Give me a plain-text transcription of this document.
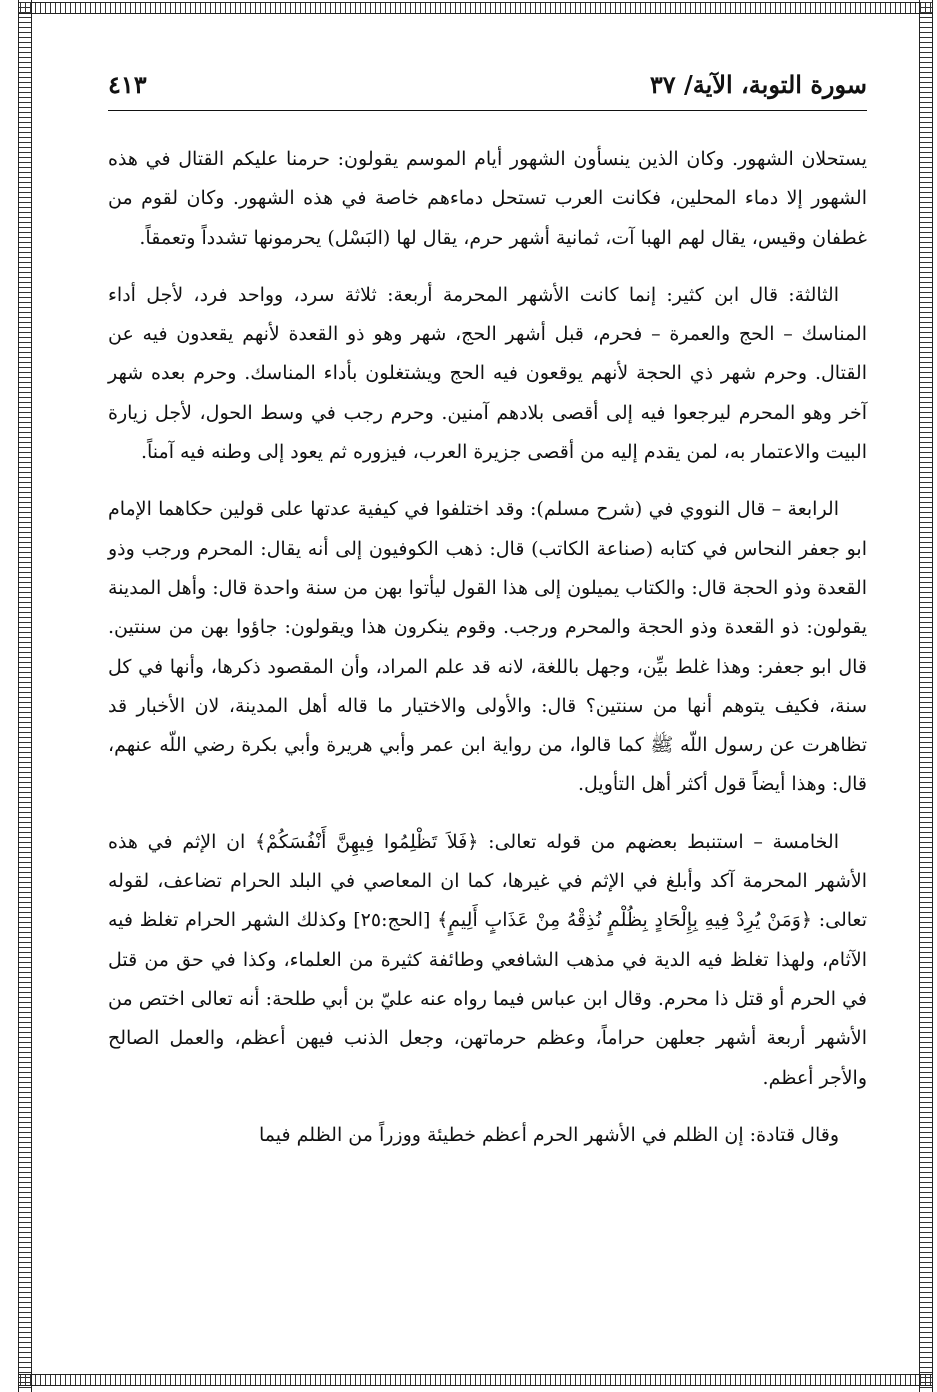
سورة التوبة، الآية/ ٣٧
٤١٣

يستحلان الشهور. وكان الذين ينسأون الشهور أيام الموسم يقولون: حرمنا عليكم القتال في هذه الشهور إلا دماء المحلين، فكانت العرب تستحل دماءهم خاصة في هذه الشهور. وكان لقوم من غطفان وقيس، يقال لهم الهبا آت، ثمانية أشهر حرم، يقال لها (البَسْل) يحرمونها تشدداً وتعمقاً.

الثالثة: قال ابن كثير: إنما كانت الأشهر المحرمة أربعة: ثلاثة سرد، وواحد فرد، لأجل أداء المناسك – الحج والعمرة – فحرم، قبل أشهر الحج، شهر وهو ذو القعدة لأنهم يقعدون فيه عن القتال. وحرم شهر ذي الحجة لأنهم يوقعون فيه الحج ويشتغلون بأداء المناسك. وحرم بعده شهر آخر وهو المحرم ليرجعوا فيه إلى أقصى بلادهم آمنين. وحرم رجب في وسط الحول، لأجل زيارة البيت والاعتمار به، لمن يقدم إليه من أقصى جزيرة العرب، فيزوره ثم يعود إلى وطنه فيه آمناً.

الرابعة – قال النووي في (شرح مسلم): وقد اختلفوا في كيفية عدتها على قولين حكاهما الإمام ابو جعفر النحاس في كتابه (صناعة الكاتب) قال: ذهب الكوفيون إلى أنه يقال: المحرم ورجب وذو القعدة وذو الحجة قال: والكتاب يميلون إلى هذا القول ليأتوا بهن من سنة واحدة قال: وأهل المدينة يقولون: ذو القعدة وذو الحجة والمحرم ورجب. وقوم ينكرون هذا ويقولون: جاؤوا بهن من سنتين. قال ابو جعفر: وهذا غلط بيِّن، وجهل باللغة، لانه قد علم المراد، وأن المقصود ذكرها، وأنها في كل سنة، فكيف يتوهم أنها من سنتين؟ قال: والأولى والاختيار ما قاله أهل المدينة، لان الأخبار قد تظاهرت عن رسول اللّه ﷺ كما قالوا، من رواية ابن عمر وأبي هريرة وأبي بكرة رضي اللّه عنهم، قال: وهذا أيضاً قول أكثر أهل التأويل.

الخامسة – استنبط بعضهم من قوله تعالى: ﴿فَلاَ تَظْلِمُوا فِيهِنَّ أَنْفُسَكُمْ﴾ ان الإثم في هذه الأشهر المحرمة آكد وأبلغ في الإثم في غيرها، كما ان المعاصي في البلد الحرام تضاعف، لقوله تعالى: ﴿وَمَنْ يُرِدْ فِيهِ بِإِلْحَادٍ بِظُلْمٍ نُذِقْهُ مِنْ عَذَابٍ أَلِيمٍ﴾ [الحج:٢٥] وكذلك الشهر الحرام تغلظ فيه الآثام، ولهذا تغلظ فيه الدية في مذهب الشافعي وطائفة كثيرة من العلماء، وكذا في حق من قتل في الحرم أو قتل ذا محرم. وقال ابن عباس فيما رواه عنه عليّ بن أبي طلحة: أنه تعالى اختص من الأشهر أربعة أشهر جعلهن حراماً، وعظم حرماتهن، وجعل الذنب فيهن أعظم، والعمل الصالح والأجر أعظم.

وقال قتادة: إن الظلم في الأشهر الحرم أعظم خطيئة ووزراً من الظلم فيما
